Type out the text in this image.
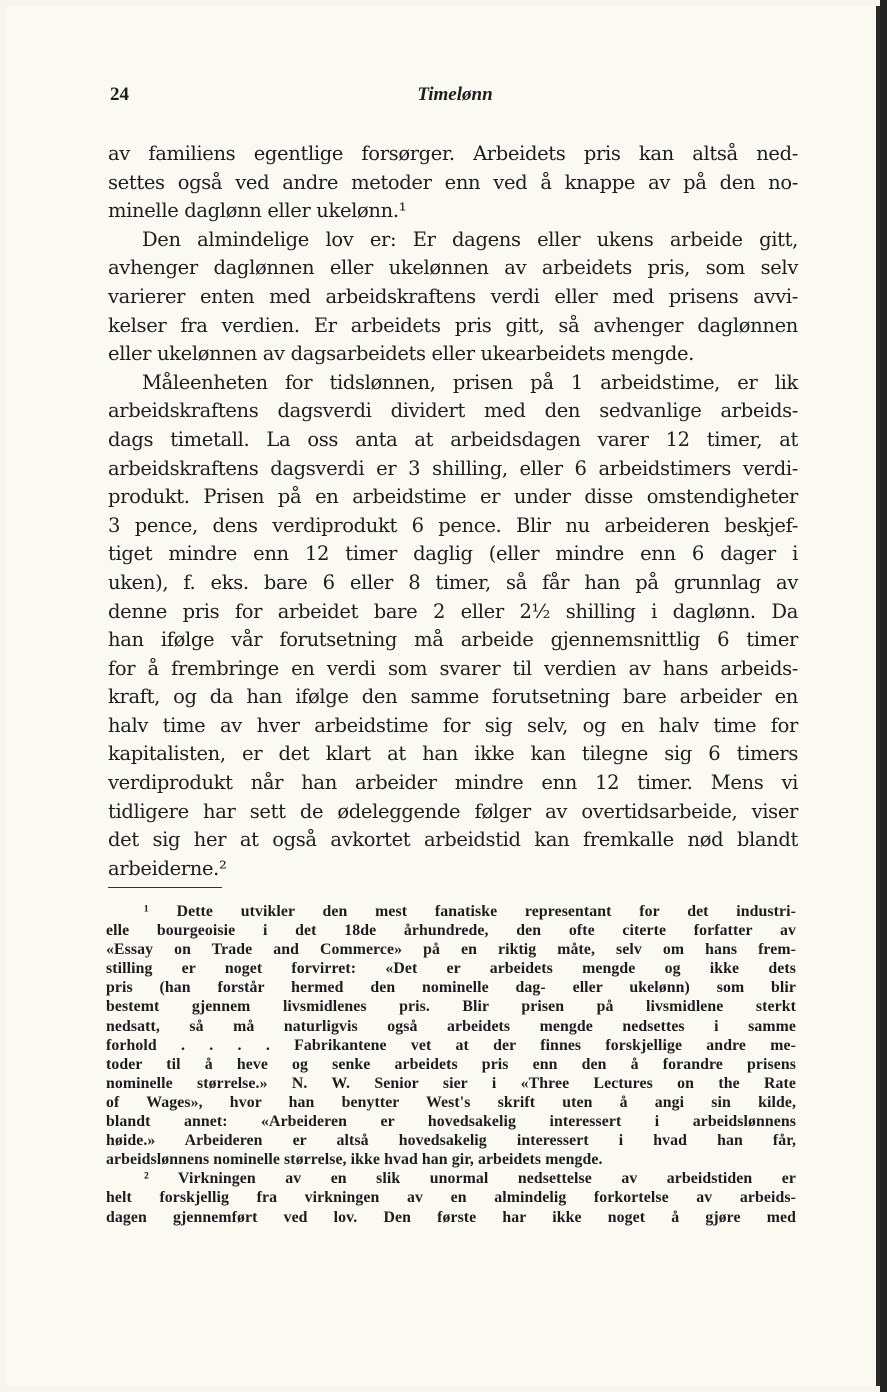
24	Timelønn
av familiens egentlige forsørger. Arbeidets pris kan altså ned-
settes også ved andre metoder enn ved å knappe av på den no-
minelle daglønn eller ukelønn.¹
Den almindelige lov er: Er dagens eller ukens arbeide gitt,
avhenger daglønnen eller ukelønnen av arbeidets pris, som selv
varierer enten med arbeidskraftens verdi eller med prisens avvi-
kelser fra verdien. Er arbeidets pris gitt, så avhenger daglønnen
eller ukelønnen av dagsarbeidets eller ukearbeidets mengde.
Måleenheten for tidslønnen, prisen på 1 arbeidstime, er lik
arbeidskraftens dagsverdi dividert med den sedvanlige arbeids-
dags timetall. La oss anta at arbeidsdagen varer 12 timer, at
arbeidskraftens dagsverdi er 3 shilling, eller 6 arbeidstimers verdi-
produkt. Prisen på en arbeidstime er under disse omstendigheter
3 pence, dens verdiprodukt 6 pence. Blir nu arbeideren beskjef-
tiget mindre enn 12 timer daglig (eller mindre enn 6 dager i
uken), f. eks. bare 6 eller 8 timer, så får han på grunnlag av
denne pris for arbeidet bare 2 eller 2½ shilling i daglønn. Da
han ifølge vår forutsetning må arbeide gjennemsnittlig 6 timer
for å frembringe en verdi som svarer til verdien av hans arbeids-
kraft, og da han ifølge den samme forutsetning bare arbeider en
halv time av hver arbeidstime for sig selv, og en halv time for
kapitalisten, er det klart at han ikke kan tilegne sig 6 timers
verdiprodukt når han arbeider mindre enn 12 timer. Mens vi
tidligere har sett de ødeleggende følger av overtidsarbeide, viser
det sig her at også avkortet arbeidstid kan fremkalle nød blandt
arbeiderne.²
¹ Dette utvikler den mest fanatiske representant for det industri-
elle bourgeoisie i det 18de århundrede, den ofte citerte forfatter av
«Essay on Trade and Commerce» på en riktig måte, selv om hans frem-
stilling er noget forvirret: «Det er arbeidets mengde og ikke dets
pris (han forstår hermed den nominelle dag- eller ukelønn) som blir
bestemt gjennem livsmidlenes pris. Blir prisen på livsmidlene sterkt
nedsatt, så må naturligvis også arbeidets mengde nedsettes i samme
forhold . . . . Fabrikantene vet at der finnes forskjellige andre me-
toder til å heve og senke arbeidets pris enn den å forandre prisens
nominelle størrelse.» N. W. Senior sier i «Three Lectures on the Rate
of Wages», hvor han benytter West's skrift uten å angi sin kilde,
blandt annet: «Arbeideren er hovedsakelig interessert i arbeidslønnens
høide.» Arbeideren er altså hovedsakelig interessert i hvad han får,
arbeidslønnens nominelle størrelse, ikke hvad han gir, arbeidets mengde.
² Virkningen av en slik unormal nedsettelse av arbeidstiden er
helt forskjellig fra virkningen av en almindelig forkortelse av arbeids-
dagen gjennemført ved lov. Den første har ikke noget å gjøre med
